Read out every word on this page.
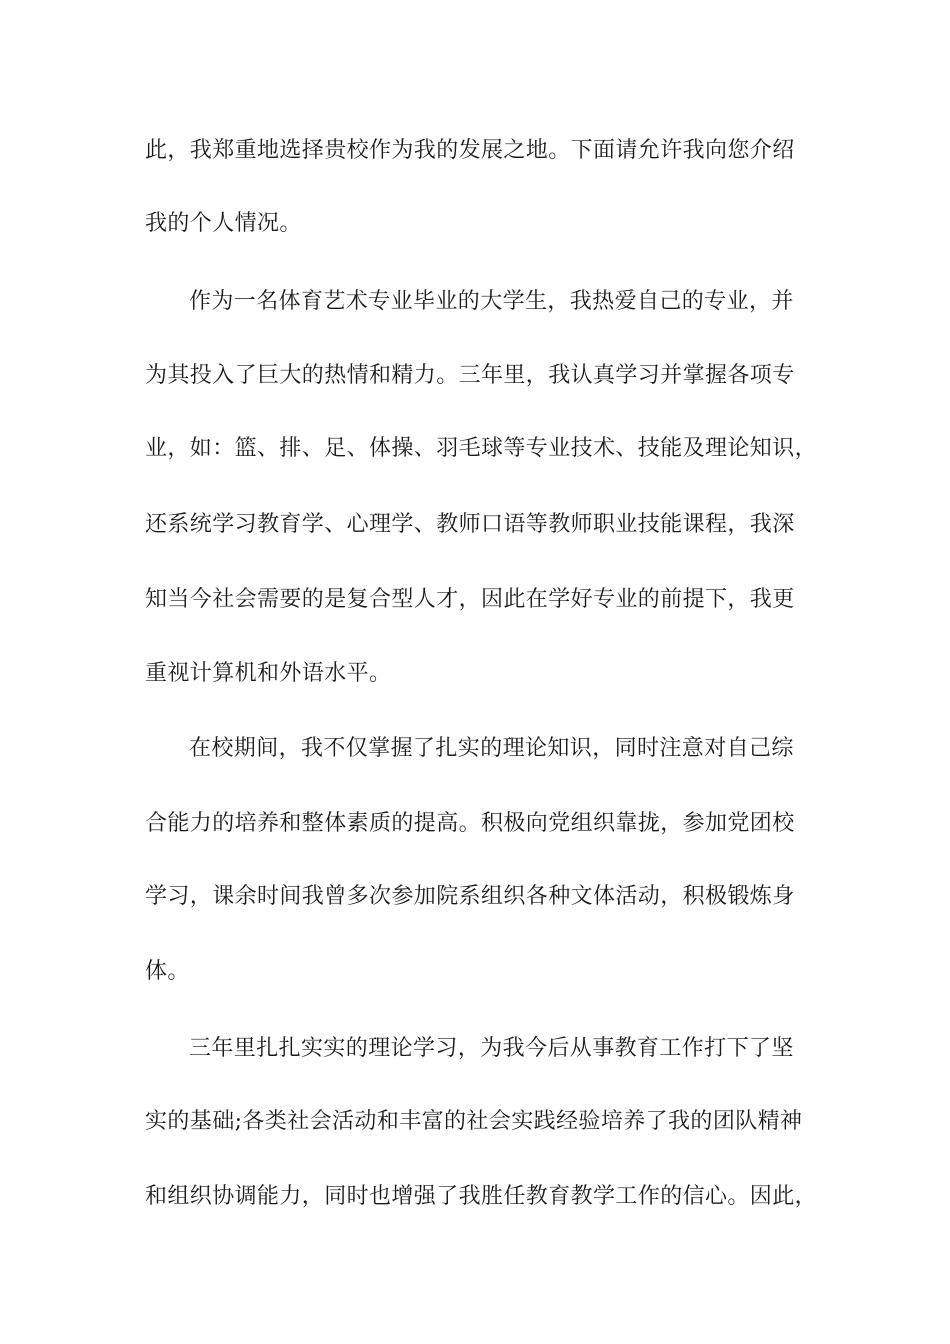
此，我郑重地选择贵校作为我的发展之地。下面请允许我向您介绍

我的个人情况。

作为一名体育艺术专业毕业的大学生，我热爱自己的专业，并

为其投入了巨大的热情和精力。三年里，我认真学习并掌握各项专

业，如：篮、排、足、体操、羽毛球等专业技术、技能及理论知识，

还系统学习教育学、心理学、教师口语等教师职业技能课程，我深

知当今社会需要的是复合型人才，因此在学好专业的前提下，我更

重视计算机和外语水平。

在校期间，我不仅掌握了扎实的理论知识，同时注意对自己综

合能力的培养和整体素质的提高。积极向党组织靠拢，参加党团校

学习，课余时间我曾多次参加院系组织各种文体活动，积极锻炼身

体。

三年里扎扎实实的理论学习，为我今后从事教育工作打下了坚

实的基础;各类社会活动和丰富的社会实践经验培养了我的团队精神

和组织协调能力，同时也增强了我胜任教育教学工作的信心。因此，
